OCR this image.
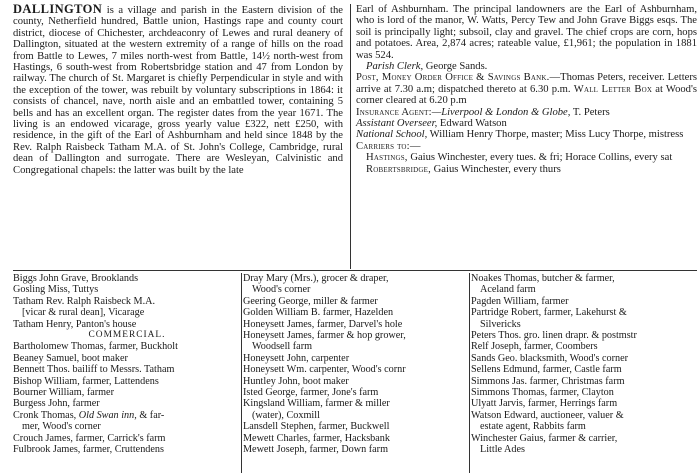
DALLINGTON is a village and parish in the Eastern division of the county, Netherfield hundred, Battle union, Hastings rape and county court district, diocese of Chichester, archdeaconry of Lewes and rural deanery of Dallington, situated at the western extremity of a range of hills on the road from Battle to Lewes, 7 miles north-west from Battle, 14½ north-west from Hastings, 6 south-west from Robertsbridge station and 47 from London by railway. The church of St. Margaret is chiefly Perpendicular in style and with the exception of the tower, was rebuilt by voluntary subscriptions in 1864: it consists of chancel, nave, north aisle and an embattled tower, containing 5 bells and has an excellent organ. The register dates from the year 1671. The living is an endowed vicarage, gross yearly value £322, nett £250, with residence, in the gift of the Earl of Ashburnham and held since 1848 by the Rev. Ralph Raisbeck Tatham M.A. of St. John's College, Cambridge, rural dean of Dallington and surrogate. There are Wesleyan, Calvinistic and Congregational chapels: the latter was built by the late

Earl of Ashburnham. The principal landowners are the Earl of Ashburnham, who is lord of the manor, W. Watts, Percy Tew and John Grave Biggs esqs. The soil is principally light; subsoil, clay and gravel. The chief crops are corn, hops and potatoes. Area, 2,874 acres; rateable value, £1,961; the population in 1881 was 524.

Parish Clerk, George Sands.

Post, Money Order Office & Savings Bank.—Thomas Peters, receiver. Letters arrive at 7.30 a.m; dispatched thereto at 6.30 p.m. Wall Letter Box at Wood's corner cleared at 6.20 p.m

Insurance Agent:—Liverpool & London & Globe, T. Peters

Assistant Overseer, Edward Watson

National School, William Henry Thorpe, master; Miss Lucy Thorpe, mistress

Carriers to:—

Hastings, Gaius Winchester, every tues. & fri; Horace Collins, every sat

Robertsbridge, Gaius Winchester, every thurs

Biggs John Grave, Brooklands

Gosling Miss, Tuttys

Tatham Rev. Ralph Raisbeck M.A.

[vicar & rural dean], Vicarage

Tatham Henry, Panton's house

COMMERCIAL.

Bartholomew Thomas, farmer, Buckholt

Beaney Samuel, boot maker

Bennett Thos. bailiff to Messrs. Tatham

Bishop William, farmer, Lattendens

Bourner William, farmer

Burgess John, farmer

Cronk Thomas, Old Swan inn, & far-

mer, Wood's corner

Crouch James, farmer, Carrick's farm

Fulbrook James, farmer, Cruttendens

Dray Mary (Mrs.), grocer & draper,

Wood's corner

Geering George, miller & farmer

Golden William B. farmer, Hazelden

Honeysett James, farmer, Darvel's hole

Honeysett James, farmer & hop grower,

Woodsell farm

Honeysett John, carpenter

Honeysett Wm. carpenter, Wood's cornr

Huntley John, boot maker

Isted George, farmer, Jone's farm

Kingsland William, farmer & miller

(water), Coxmill

Lansdell Stephen, farmer, Buckwell

Mewett Charles, farmer, Hacksbank

Mewett Joseph, farmer, Down farm

Noakes Thomas, butcher & farmer,

Aceland farm

Pagden William, farmer

Partridge Robert, farmer, Lakehurst &

Silvericks

Peters Thos. gro. linen drapr. & postmstr

Relf Joseph, farmer, Coombers

Sands Geo. blacksmith, Wood's corner

Sellens Edmund, farmer, Castle farm

Simmons Jas. farmer, Christmas farm

Simmons Thomas, farmer, Clayton

Ulyatt Jarvis, farmer, Herrings farm

Watson Edward, auctioneer, valuer &

estate agent, Rabbits farm

Winchester Gaius, farmer & carrier,

Little Ades
